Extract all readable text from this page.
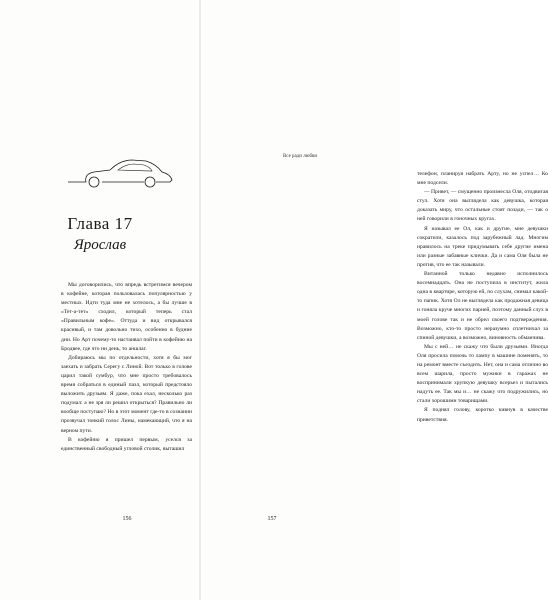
Глава 17
Ярослав

Мы договорились, что впредь встретимся вечером в кофейне, которая пользовалась популярностью у местных. Идти туда мне не хотелось, а бы лучше в «Тет-а-тет» сходил, который теперь стал «Правильным кофе». Оттуда и вид открывался красивый, и там довольно тихо, особенно в будние дни. Но Арт почему-то настаивал пойти в кофейню на Бродвее, где что ни день, то аншлаг.

Добираюсь мы по отдельности, хотя я бы мог заехать и забрать Серегу с Линой. Вот только в голове царил такой сумбур, что мне просто требовалось время собраться в единый пазл, который предстояло выложить друзьям. Я даже, пока ехал, несколько раз подумал: а не зря ли решил открыться? Правильно ли вообще поступаю? Но в этот момент где-то в сознании прозвучал тонкий голос Лины, намекающий, что я на верном пути.

В кофейню я пришел первым, уселся за единственный свободный угловой столик, выташил

156

телефон, планируя набрать Арту, но не успел… Ко мне подсели.

— Привет, — смущенно произнесла Оля, отодвигая стул. Хотя она выглядела как девушка, которая доказать миру, что остальные стоят позади, — так о ней говорили в гоночных кругах.

Я называл ее Ол, как и другие, мне девушки сократили, казалось под зарубежный лад. Многим нравилось на треке придумывать себе другие имена или разные забавные клички. Да и сама Оля была не против, что ее так называли.

Витанной только недавно исполнилось восемнадцать. Она не поступила в институт, жила одна в квартире, которую ей, по слухам, снимал какой-то папик. Хотя Ол не выглядела как продажная девица и гоняла круче многих парней, поэтому данный слух в моей голове так и не обрел своего подтверждения. Возможно, кто-то просто неразумно сплетничал за спиной девушки, а возможно, виновность обманчива.

Мы с ней… не скажу что были друзьями. Иногда Оля просила помочь то лампу в машине поменять, то на ремонт вместе съездить. Нет, она и сама отлично во всем шарила, просто мужики в гаражах не воспринимали хрупкую девушку всерьез и пытались надуть ее. Так мы и… не скажу что подружились, но стали хорошими товарищами.

Я поднял голову, коротко кивнув в качестве приветствия.

Все ради любви
157
